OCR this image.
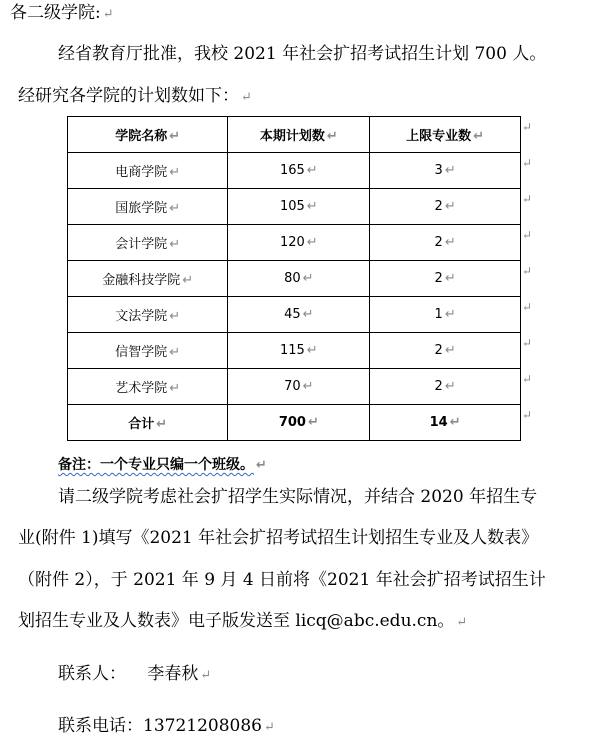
各二级学院: ↵
经省教育厅批准，我校 2021 年社会扩招考试招生计划 700 人。
经研究各学院的计划数如下： ↵
学院名称 ↵	本期计划数 ↵	上限专业数 ↵
电商学院 ↵	165 ↵	3 ↵
国旅学院 ↵	105 ↵	2 ↵
会计学院 ↵	120 ↵	2 ↵
金融科技学院 ↵	80 ↵	2 ↵
文法学院 ↵	45 ↵	1 ↵
信智学院 ↵	115 ↵	2 ↵
艺术学院 ↵	70 ↵	2 ↵
合计 ↵	700 ↵	14 ↵
↵
↵
↵
↵
↵
↵
↵
↵
↵
备注：一个专业只编一个班级。 ↵
请二级学院考虑社会扩招学生实际情况，并结合 2020 年招生专
业(附件 1)填写《2021 年社会扩招考试招生计划招生专业及人数表》
（附件 2），于 2021 年 9 月 4 日前将《2021 年社会扩招考试招生计
划招生专业及人数表》电子版发送至 licq@abc.edu.cn。 ↵
联系人： 李春秋 ↵
联系电话：13721208086 ↵
